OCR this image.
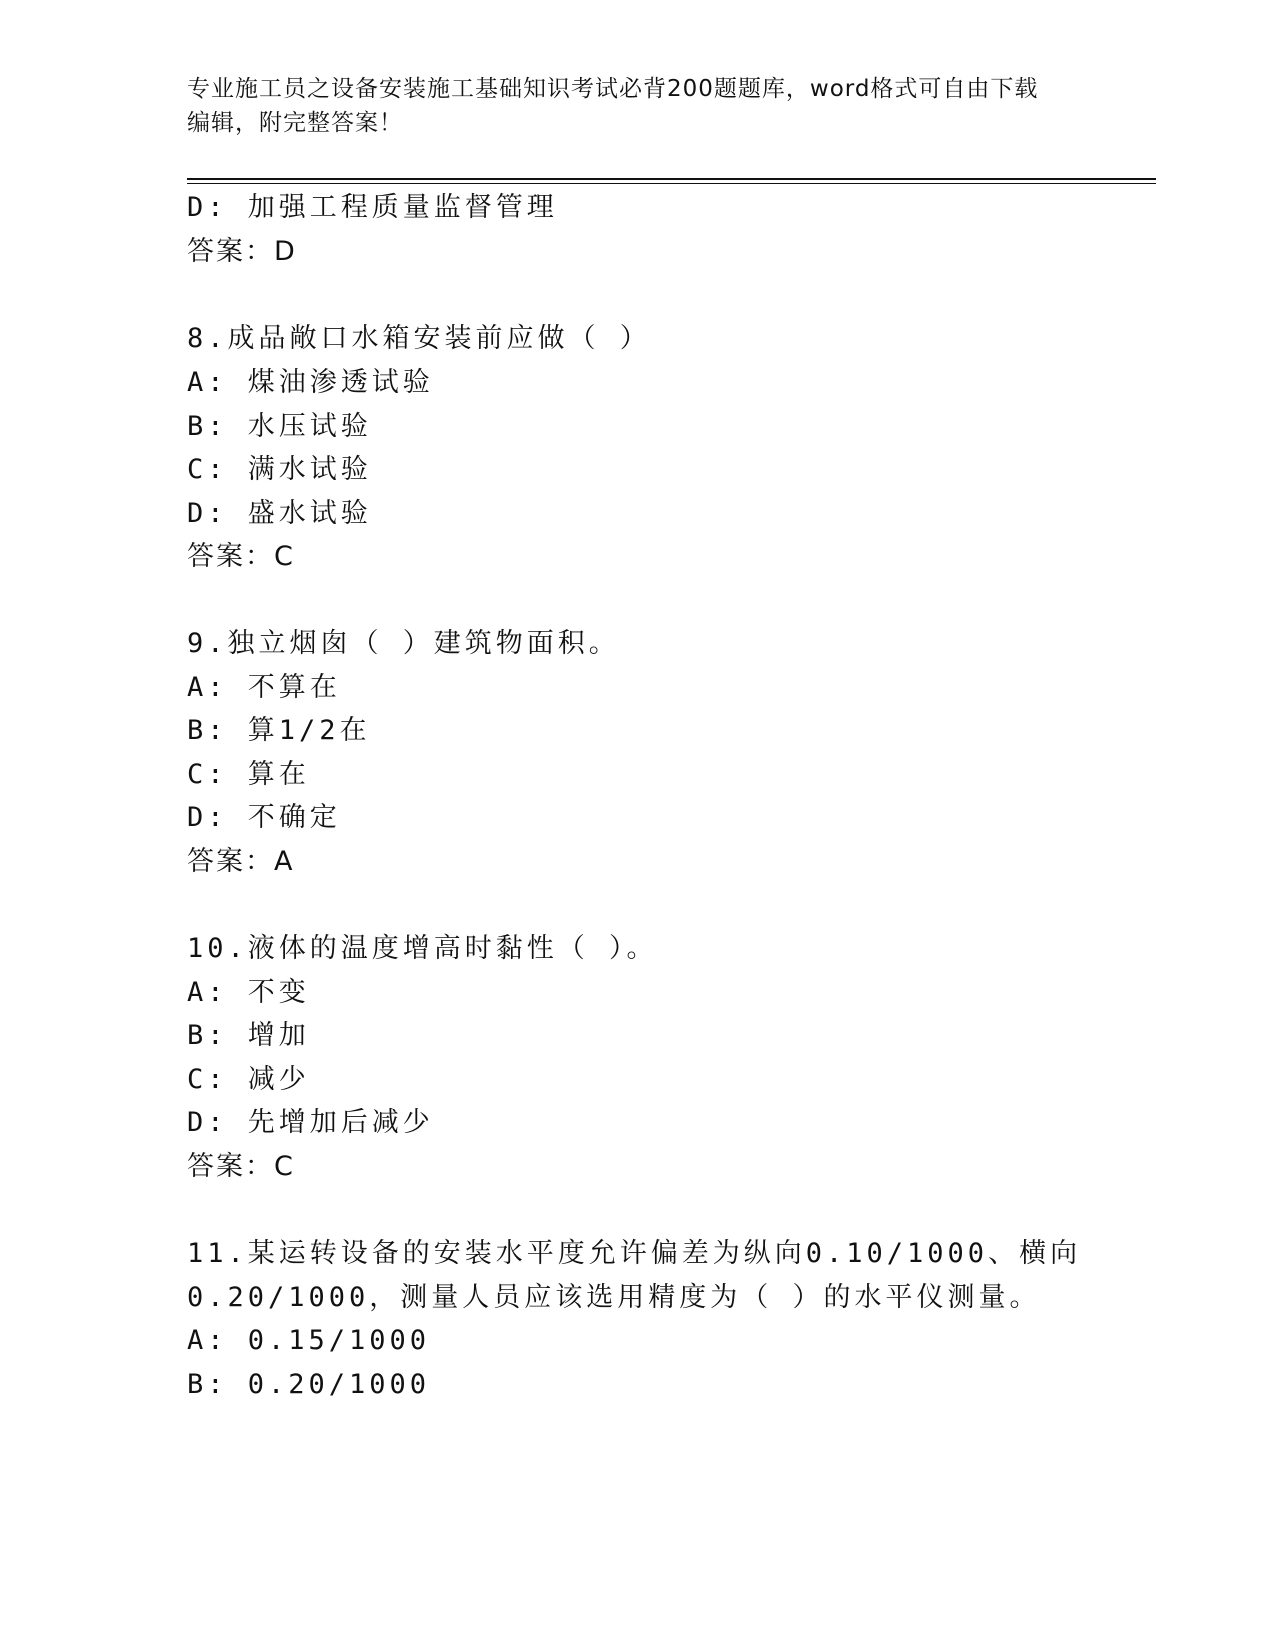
专业施工员之设备安装施工基础知识考试必背200题题库，word格式可自由下载
编辑，附完整答案！
D: 加强工程质量监督管理
答案：D
8.成品敞口水箱安装前应做（ ）
A: 煤油渗透试验
B: 水压试验
C: 满水试验
D: 盛水试验
答案：C
9.独立烟囱（ ）建筑物面积。
A: 不算在
B: 算1/2在
C: 算在
D: 不确定
答案：A
10.液体的温度增高时黏性（ ）。
A: 不变
B: 增加
C: 减少
D: 先增加后减少
答案：C
11.某运转设备的安装水平度允许偏差为纵向0.10/1000、横向
0.20/1000，测量人员应该选用精度为（ ）的水平仪测量。
A: 0.15/1000
B: 0.20/1000
